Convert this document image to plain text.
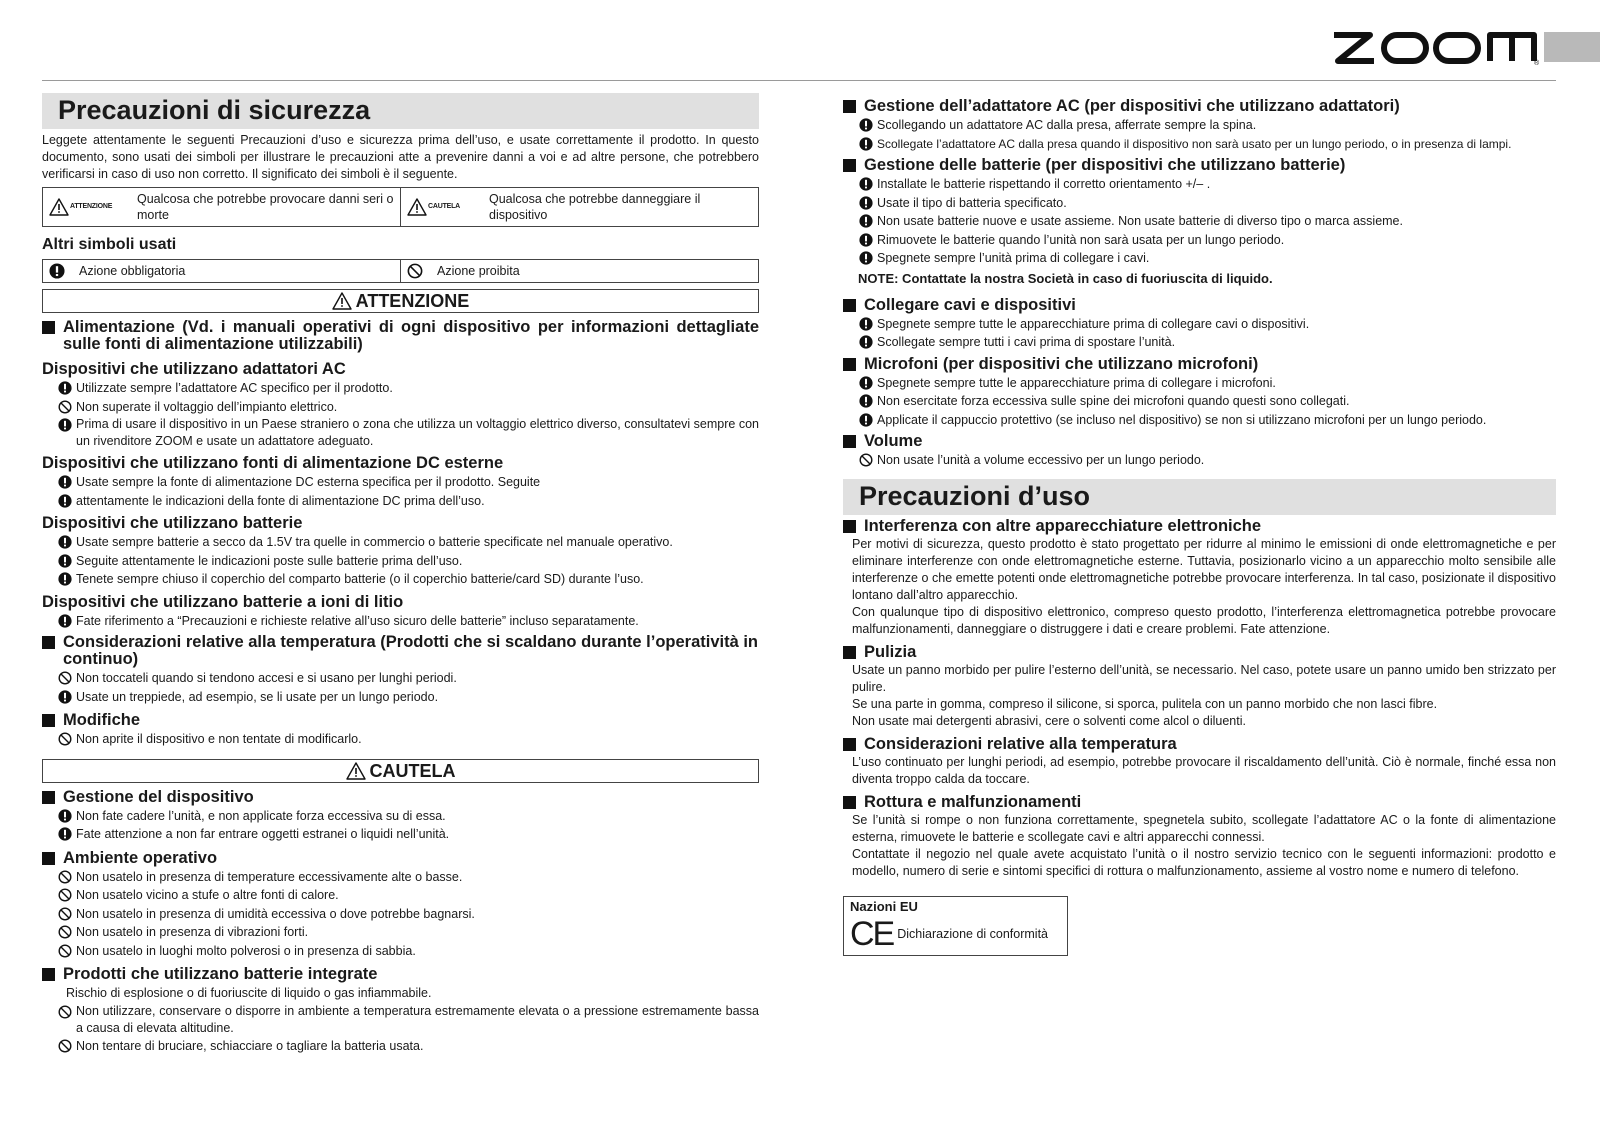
®
Precauzioni di sicurezza

Leggete attentamente le seguenti Precauzioni d’uso e sicurezza prima dell’uso, e usate correttamente il prodotto. In questo documento, sono usati dei simboli per illustrare le precauzioni atte a prevenire danni a voi e ad altre persone, che potrebbero verificarsi in caso di uso non corretto. Il significato dei simboli è il seguente.

ATTENZIONE
Qualcosa che potrebbe provocare danni seri o morte
CAUTELA
Qualcosa che potrebbe danneggiare il dispositivo
Altri simboli usati
Azione obbligatoria	Azione proibita
ATTENZIONE
Alimentazione (Vd. i manuali operativi di ogni dispositivo per informazioni dettagliate sulle fonti di alimentazione utilizzabili)
Dispositivi che utilizzano adattatori AC
Utilizzate sempre l’adattatore AC specifico per il prodotto.
Non superate il voltaggio dell’impianto elettrico.
Prima di usare il dispositivo in un Paese straniero o zona che utilizza un voltaggio elettrico diverso, consultatevi sempre con un rivenditore ZOOM e usate un adattatore adeguato.
Dispositivi che utilizzano fonti di alimentazione DC esterne
Usate sempre la fonte di alimentazione DC esterna specifica per il prodotto. Seguite
attentamente le indicazioni della fonte di alimentazione DC prima dell’uso.
Dispositivi che utilizzano batterie
Usate sempre batterie a secco da 1.5V tra quelle in commercio o batterie specificate nel manuale operativo.
Seguite attentamente le indicazioni poste sulle batterie prima dell’uso.
Tenete sempre chiuso il coperchio del comparto batterie (o il coperchio batterie/card SD) durante l’uso.
Dispositivi che utilizzano batterie a ioni di litio
Fate riferimento a “Precauzioni e richieste relative all’uso sicuro delle batterie” incluso separatamente.
Considerazioni relative alla temperatura (Prodotti che si scaldano durante l’operatività in continuo)
Non toccateli quando si tendono accesi e si usano per lunghi periodi.
Usate un treppiede, ad esempio, se li usate per un lungo periodo.
Modifiche
Non aprite il dispositivo e non tentate di modificarlo.
CAUTELA
Gestione del dispositivo
Non fate cadere l’unità, e non applicate forza eccessiva su di essa.
Fate attenzione a non far entrare oggetti estranei o liquidi nell’unità.
Ambiente operativo
Non usatelo in presenza di temperature eccessivamente alte o basse.
Non usatelo vicino a stufe o altre fonti di calore.
Non usatelo in presenza di umidità eccessiva o dove potrebbe bagnarsi.
Non usatelo in presenza di vibrazioni forti.
Non usatelo in luoghi molto polverosi o in presenza di sabbia.
Prodotti che utilizzano batterie integrate
Rischio di esplosione o di fuoriuscite di liquido o gas infiammabile.
Non utilizzare, conservare o disporre in ambiente a temperatura estremamente elevata o a pressione estremamente bassa a causa di elevata altitudine.
Non tentare di bruciare, schiacciare o tagliare la batteria usata.
Gestione dell’adattatore AC (per dispositivi che utilizzano adattatori)
Scollegando un adattatore AC dalla presa, afferrate sempre la spina.
Scollegate l’adattatore AC dalla presa quando il dispositivo non sarà usato per un lungo periodo, o in presenza di lampi.
Gestione delle batterie (per dispositivi che utilizzano batterie)
Installate le batterie rispettando il corretto orientamento +/– .
Usate il tipo di batteria specificato.
Non usate batterie nuove e usate assieme. Non usate batterie di diverso tipo o marca assieme.
Rimuovete le batterie quando l’unità non sarà usata per un lungo periodo.
Spegnete sempre l’unità prima di collegare i cavi.
NOTE: Contattate la nostra Società in caso di fuoriuscita di liquido.
Collegare cavi e dispositivi
Spegnete sempre tutte le apparecchiature prima di collegare cavi o dispositivi.
Scollegate sempre tutti i cavi prima di spostare l’unità.
Microfoni (per dispositivi che utilizzano microfoni)
Spegnete sempre tutte le apparecchiature prima di collegare i microfoni.
Non esercitate forza eccessiva sulle spine dei microfoni quando questi sono collegati.
Applicate il cappuccio protettivo (se incluso nel dispositivo) se non si utilizzano microfoni per un lungo periodo.
Volume
Non usate l’unità a volume eccessivo per un lungo periodo.
Precauzioni d’uso
Interferenza con altre apparecchiature elettroniche

Per motivi di sicurezza, questo prodotto è stato progettato per ridurre al minimo le emissioni di onde elettromagnetiche e per eliminare interferenze con onde elettromagnetiche esterne. Tuttavia, posizionarlo vicino a un apparecchio molto sensibile alle interferenze o che emette potenti onde elettromagnetiche potrebbe provocare interferenza. In tal caso, posizionate il dispositivo lontano dall’altro apparecchio.

Con qualunque tipo di dispositivo elettronico, compreso questo prodotto, l’interferenza elettromagnetica potrebbe provocare malfunzionamenti, danneggiare o distruggere i dati e creare problemi. Fate attenzione.

Pulizia

Usate un panno morbido per pulire l’esterno dell’unità, se necessario. Nel caso, potete usare un panno umido ben strizzato per pulire.

Se una parte in gomma, compreso il silicone, si sporca, pulitela con un panno morbido che non lasci fibre.

Non usate mai detergenti abrasivi, cere o solventi come alcol o diluenti.

Considerazioni relative alla temperatura

L’uso continuato per lunghi periodi, ad esempio, potrebbe provocare il riscaldamento dell’unità. Ciò è normale, finché essa non diventa troppo calda da toccare.

Rottura e malfunzionamenti

Se l’unità si rompe o non funziona correttamente, spegnetela subito, scollegate l’adattatore AC o la fonte di alimentazione esterna, rimuovete le batterie e scollegate cavi e altri apparecchi connessi.

Contattate il negozio nel quale avete acquistato l’unità o il nostro servizio tecnico con le seguenti informazioni: prodotto e modello, numero di serie e sintomi specifici di rottura o malfunzionamento, assieme al vostro nome e numero di telefono.

Nazioni EU
CE Dichiarazione di conformità
